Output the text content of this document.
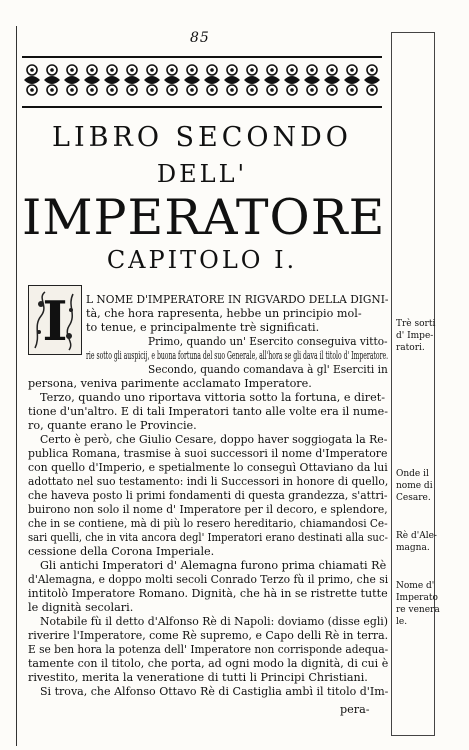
85
LIBRO SECONDO
DELL'
IMPERATORE
CAPITOLO I.
I L NOME D'IMPERATORE IN RIGVARDO DELLA DIGNI-
tà, che hora rapresenta, hebbe un principio mol-
to tenue, e principalmente trè significati.
Primo, quando un' Esercito conseguiva vitto-
rie sotto gli auspicij, e buona fortuna del suo Generale, all'hora se gli dava il titolo d' Imperatore.
Secondo, quando comandava à gl' Eserciti in
persona, veniva parimente acclamato Imperatore.
Terzo, quando uno riportava vittoria sotto la fortuna, e diret-
tione d'un'altro. E di tali Imperatori tanto alle volte era il nume-
ro, quante erano le Provincie.
Certo è però, che Giulio Cesare, doppo haver soggiogata la Re-
publica Romana, trasmise à suoi successori il nome d'Imperatore
con quello d'Imperio, e spetialmente lo conseguì Ottaviano da lui
adottato nel suo testamento: indi li Successori in honore di quello,
che haveva posto li primi fondamenti di questa grandezza, s'attri-
buirono non solo il nome d' Imperatore per il decoro, e splendore,
che in se contiene, mà di più lo resero hereditario, chiamandosi Ce-
sari quelli, che in vita ancora degl' Imperatori erano destinati alla suc-
cessione della Corona Imperiale.
Gli antichi Imperatori d' Alemagna furono prima chiamati Rè
d'Alemagna, e doppo molti secoli Conrado Terzo fù il primo, che si
intitolò Imperatore Romano. Dignità, che hà in se ristrette tutte
le dignità secolari.
Notabile fù il detto d'Alfonso Rè di Napoli: doviamo (disse egli)
riverire l'Imperatore, come Rè supremo, e Capo delli Rè in terra.
E se ben hora la potenza dell' Imperatore non corrisponde adequa-
tamente con il titolo, che porta, ad ogni modo la dignità, di cui è
rivestito, merita la veneratione di tutti li Principi Christiani.
Si trova, che Alfonso Ottavo Rè di Castiglia ambì il titolo d'Im-
pera-
Trè sorti
d' Impe-
ratori.
Onde il
nome di
Cesare.
Rè d'Ale-
magna.
Nome d'
Imperato
re venera
le.
